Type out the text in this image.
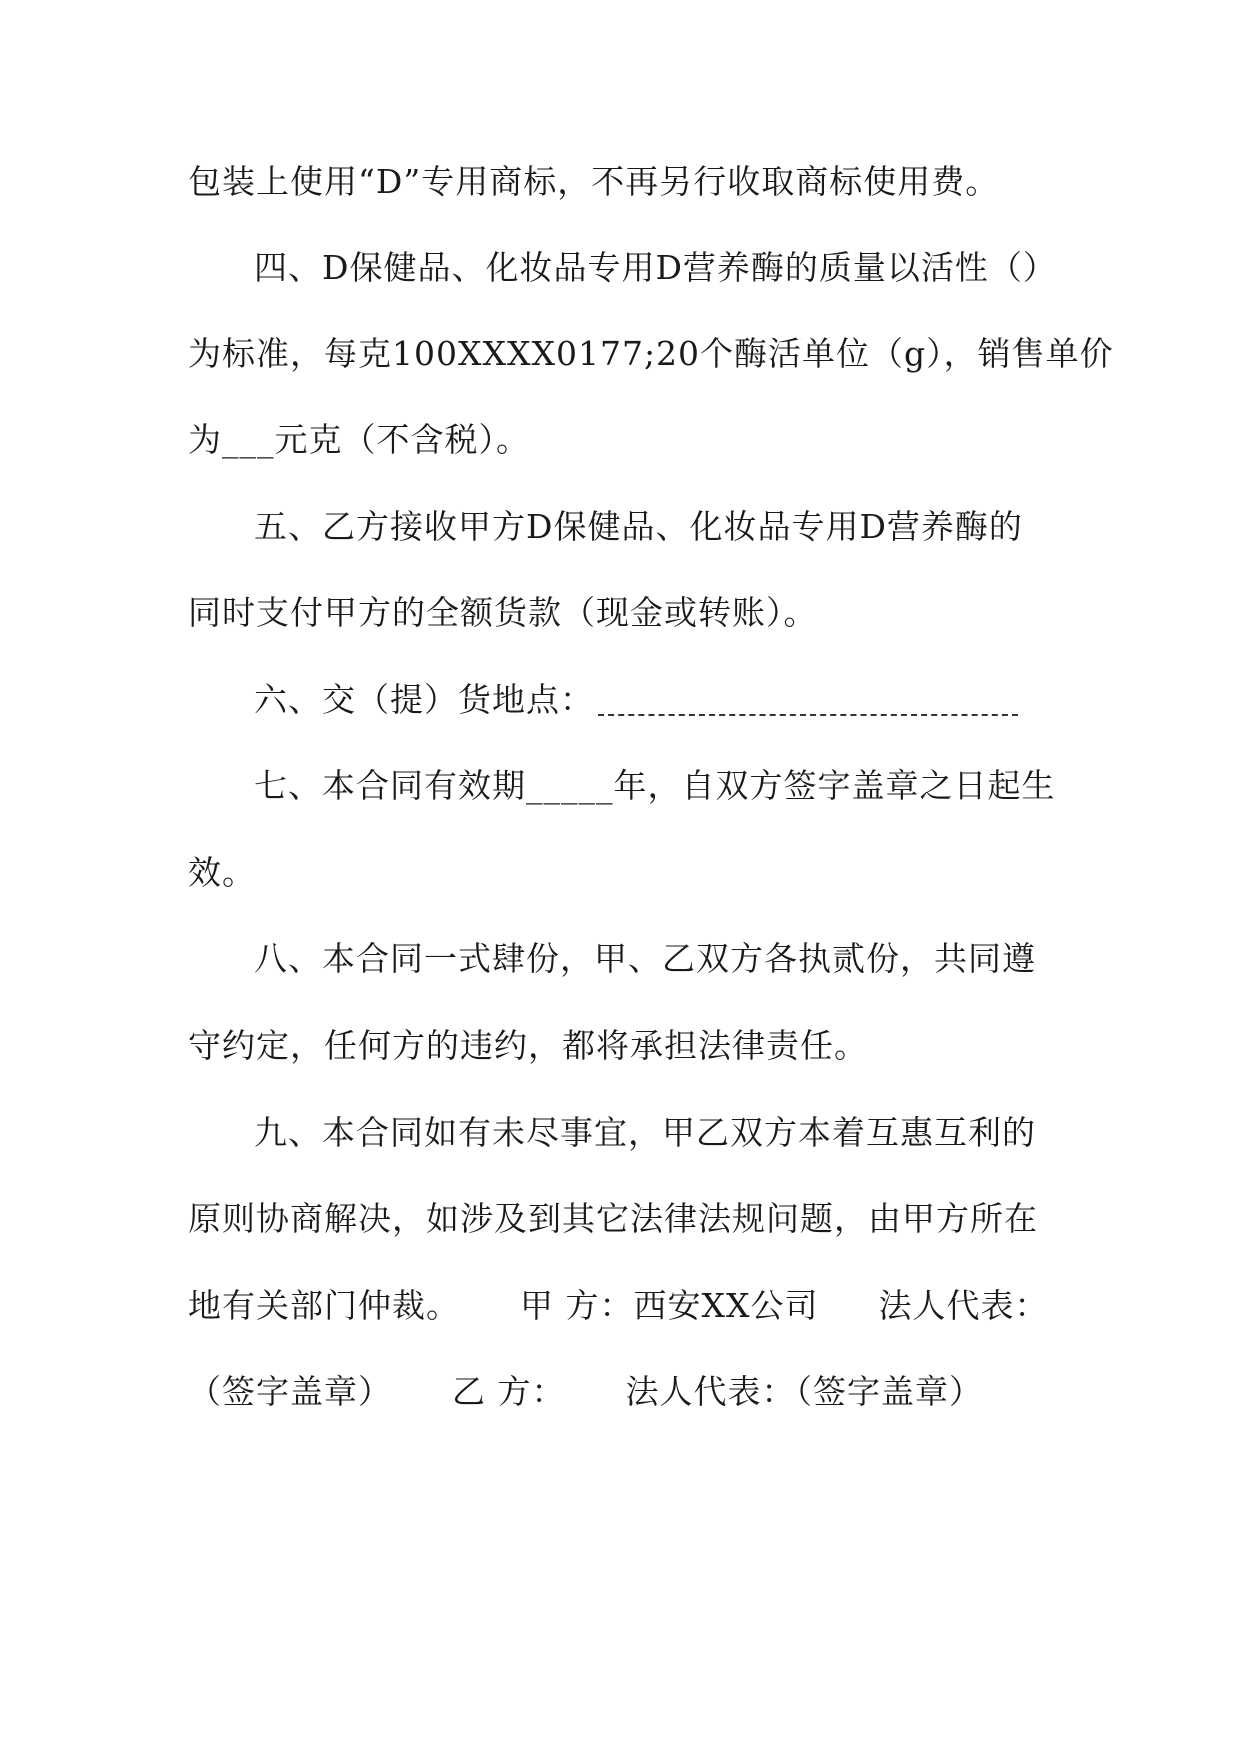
包装上使用“D”专用商标，不再另行收取商标使用费。
四、D保健品、化妆品专用D营养酶的质量以活性（）
为标准，每克100XXXX0177;20个酶活单位（g），销售单价
为___元克（不含税）。
五、乙方接收甲方D保健品、化妆品专用D营养酶的
同时支付甲方的全额货款（现金或转账）。
六、交（提）货地点：
七、本合同有效期_____年，自双方签字盖章之日起生
效。
八、本合同一式肆份，甲、乙双方各执贰份，共同遵
守约定，任何方的违约，都将承担法律责任。
九、本合同如有未尽事宜，甲乙双方本着互惠互利的
原则协商解决，如涉及到其它法律法规问题，由甲方所在
地有关部门仲裁。 甲 方：西安XX公司 法人代表：
（签字盖章） 乙 方： 法人代表：（签字盖章）
